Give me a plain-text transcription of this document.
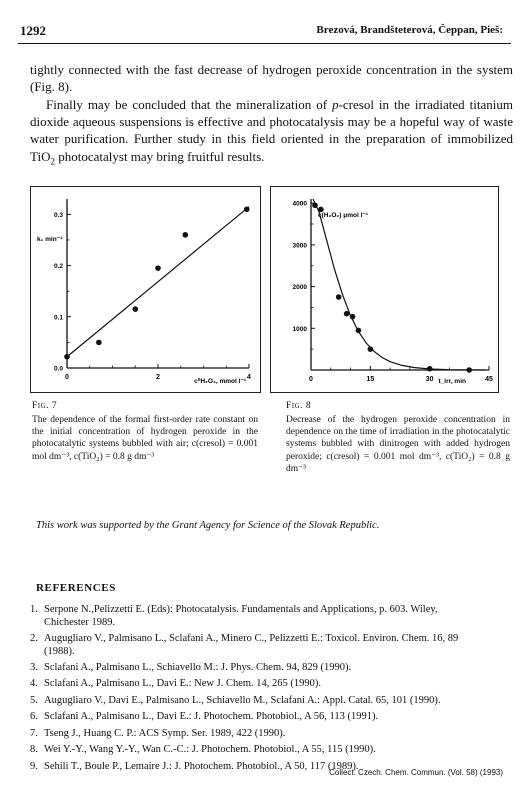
1292	Brezová, Brandšteterová, Čeppan, Pieš:
tightly connected with the fast decrease of hydrogen peroxide concentration in the system (Fig. 8).
Finally may be concluded that the mineralization of p-cresol in the irradiated titanium dioxide aqueous suspensions is effective and photocatalysis may be a hopeful way of waste water purification. Further study in this field oriented in the preparation of immobilized TiO$_2$ photocatalyst may bring fruitful results.
0	2	4
0.0
0.1
0.2
0.3
k₁ min⁻¹
c⁰H₂O₂, mmol l⁻¹
Fig. 7
The dependence of the formal first-order rate constant on the initial concentration of hydrogen peroxide in the photocatalytic systems bubbled with air; c(cresol) = 0.001 mol dm⁻³, c(TiO₂) = 0.8 g dm⁻³
0	15	30	45
1000
2000
3000
4000
c(H₂O₂) μmol l⁻¹
t_irr, min
Fig. 8
Decrease of the hydrogen peroxide concentration in dependence on the time of irradiation in the photocatalytic systems bubbled with dinitrogen with added hydrogen peroxide; c(cresol) = 0.001 mol dm⁻³, c(TiO₂) = 0.8 g dm⁻³
This work was supported by the Grant Agency for Science of the Slovak Republic.
REFERENCES
1. Serpone N.,Pelizzetti E. (Eds): Photocatalysis. Fundamentals and Applications, p. 603. Wiley,
Chichester 1989.
2. Augugliaro V., Palmisano L., Sclafani A., Minero C., Pelizzetti E.: Toxicol. Environ. Chem. 16, 89
(1988).
3. Sclafani A., Palmisano L., Schiavello M.: J. Phys. Chem. 94, 829 (1990).
4. Sclafani A., Palmisano L., Davi E.: New J. Chem. 14, 265 (1990).
5. Augugliaro V., Davi E., Palmisano L., Schiavello M., Sclafani A.: Appl. Catal. 65, 101 (1990).
6. Sclafani A., Palmisano L., Davi E.: J. Photochem. Photobiol., A 56, 113 (1991).
7. Tseng J., Huang C. P.: ACS Symp. Ser. 1989, 422 (1990).
8. Wei Y.-Y., Wang Y.-Y., Wan C.-C.: J. Photochem. Photobiol., A 55, 115 (1990).
9. Sehili T., Boule P., Lemaire J.: J. Photochem. Photobiol., A 50, 117 (1989).
Collect. Czech. Chem. Commun. (Vol. 58) (1993)
